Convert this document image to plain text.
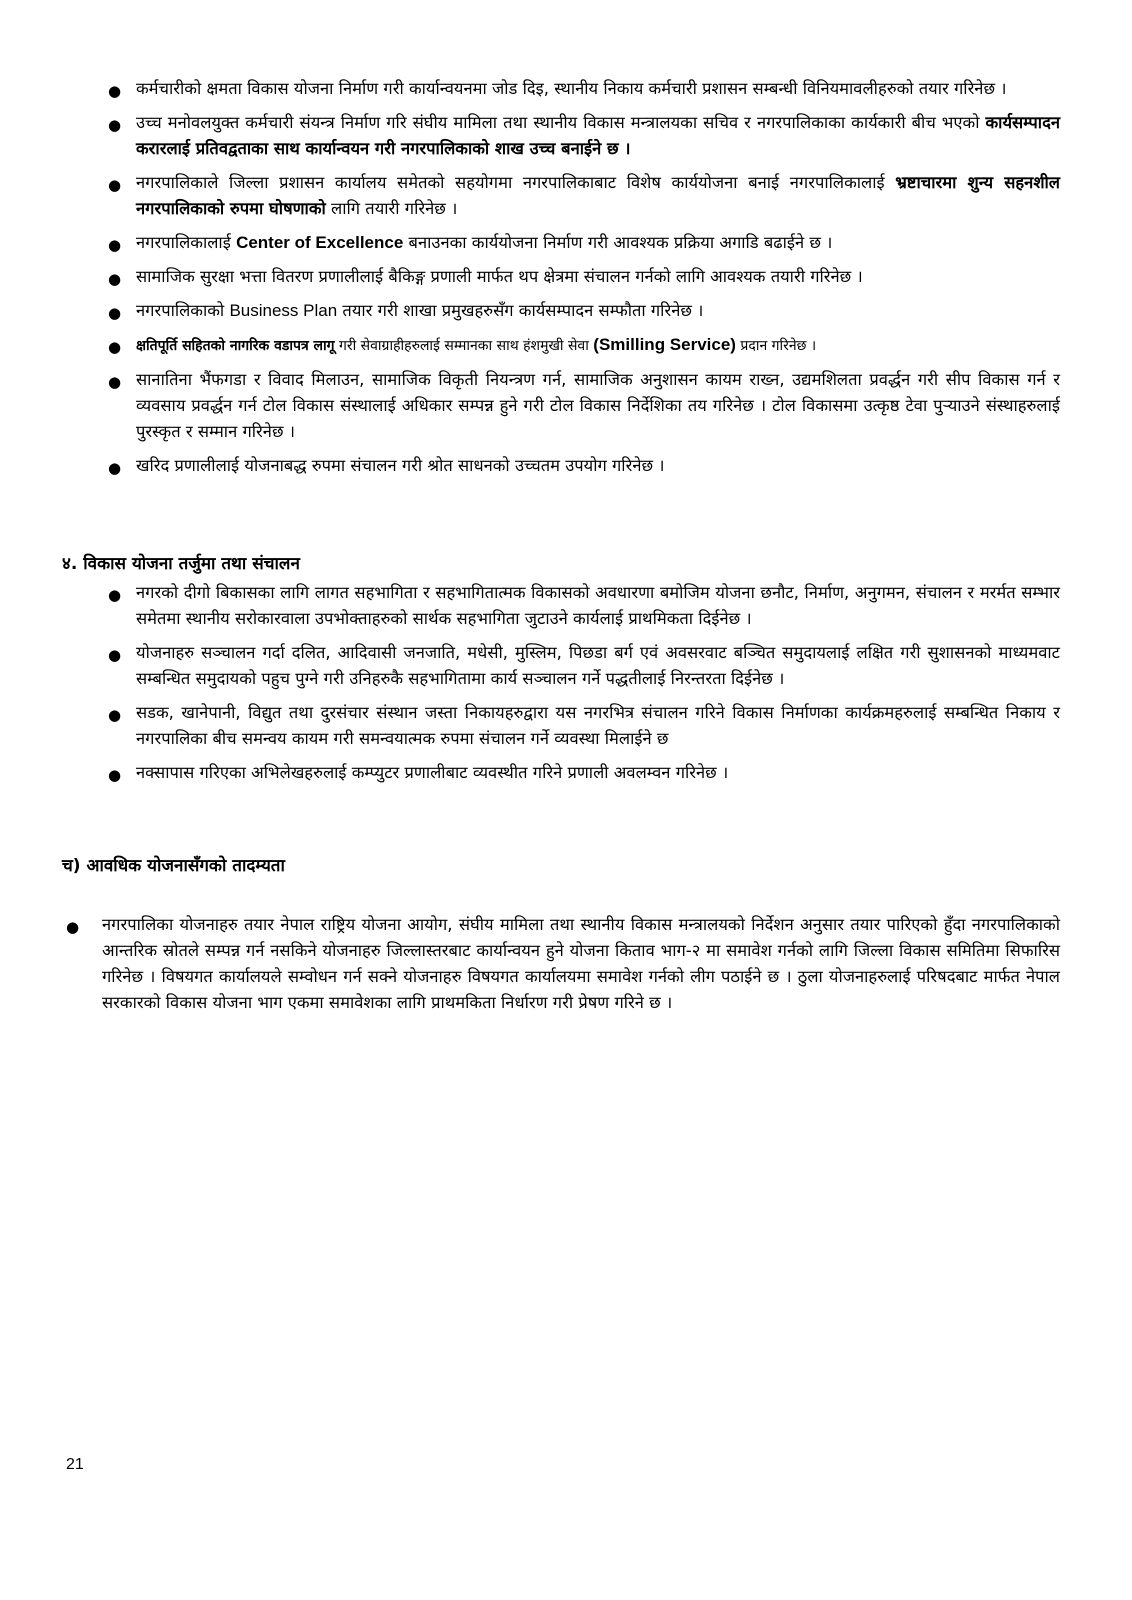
● कर्मचारीको क्षमता विकास योजना निर्माण गरी कार्यान्वयनमा जोड दिइ, स्थानीय निकाय कर्मचारी प्रशासन सम्बन्धी विनियमावलीहरुको तयार गरिनेछ ।
● उच्च मनोवलयुक्त कर्मचारी संयन्त्र निर्माण गरि संघीय मामिला तथा स्थानीय विकास मन्त्रालयका सचिव र नगरपालिकाका कार्यकारी बीच भएको कार्यसम्पादन करारलाई प्रतिवद्वताका साथ कार्यान्वयन गरी नगरपालिकाको शाख उच्च बनाईने छ ।
● नगरपालिकाले जिल्ला प्रशासन कार्यालय समेतको सहयोगमा नगरपालिकाबाट विशेष कार्ययोजना बनाई नगरपालिकालाई भ्रष्टाचारमा शुन्य सहनशील नगरपालिकाको रुपमा घोषणाको लागि तयारी गरिनेछ ।
● नगरपालिकालाई Center of Excellence बनाउनका कार्ययोजना निर्माण गरी आवश्यक प्रक्रिया अगाडि बढाईने छ ।
● सामाजिक सुरक्षा भत्ता वितरण प्रणालीलाई बैकिङ्ग प्रणाली मार्फत थप क्षेत्रमा संचालन गर्नको लागि आवश्यक तयारी गरिनेछ ।
● नगरपालिकाको Business Plan तयार गरी शाखा प्रमुखहरुसँग कार्यसम्पादन सम्फौता गरिनेछ ।
● क्षतिपूर्ति सहितको नागरिक वडापत्र लागू गरी सेवाग्राहीहरुलाई सम्मानका साथ हंशमुखी सेवा (Smilling Service) प्रदान गरिनेछ ।
● सानातिना भैंफगडा र विवाद मिलाउन, सामाजिक विकृती नियन्त्रण गर्न, सामाजिक अनुशासन कायम राख्न, उद्यमशिलता प्रवर्द्धन गरी सीप विकास गर्न र व्यवसाय प्रवर्द्धन गर्न टोल विकास संस्थालाई अधिकार सम्पन्न हुने गरी टोल विकास निर्देशिका तय गरिनेछ । टोल विकासमा उत्कृष्ठ टेवा पुऱ्याउने संस्थाहरुलाई पुरस्कृत र सम्मान गरिनेछ ।
● खरिद प्रणालीलाई योजनाबद्ध रुपमा संचालन गरी श्रोत साधनको उच्चतम उपयोग गरिनेछ ।
४. विकास योजना तर्जुमा तथा संचालन
● नगरको दीगो बिकासका लागि लागत सहभागिता र सहभागितात्मक विकासको अवधारणा बमोजिम योजना छनौट, निर्माण, अनुगमन, संचालन र मरर्मत सम्भार समेतमा स्थानीय सरोकारवाला उपभोक्ताहरुको सार्थक सहभागिता जुटाउने कार्यलाई प्राथमिकता दिईनेछ ।
● योजनाहरु सञ्चालन गर्दा दलित, आदिवासी जनजाति, मधेसी, मुस्लिम, पिछडा बर्ग एवं अवसरवाट बञ्चित समुदायलाई लक्षित गरी सुशासनको माध्यमवाट सम्बन्धित समुदायको पहुच पुग्ने गरी उनिहरुकै सहभागितामा कार्य सञ्चालन गर्ने पद्धतीलाई निरन्तरता दिईनेछ ।
● सडक, खानेपानी, विद्युत तथा दुरसंचार संस्थान जस्ता निकायहरुद्वारा यस नगरभित्र संचालन गरिने विकास निर्माणका कार्यक्रमहरुलाई सम्बन्धित निकाय र नगरपालिका बीच समन्वय कायम गरी समन्वयात्मक रुपमा संचालन गर्ने व्यवस्था मिलाईने छ
● नक्सापास गरिएका अभिलेखहरुलाई कम्प्युटर प्रणालीबाट व्यवस्थीत गरिने प्रणाली अवलम्वन गरिनेछ ।
च) आवधिक योजनासँगको तादम्यता
● नगरपालिका योजनाहरु तयार नेपाल राष्ट्रिय योजना आयोग, संघीय मामिला तथा स्थानीय विकास मन्त्रालयको निर्देशन अनुसार तयार पारिएको हुँदा नगरपालिकाको आन्तरिक स्रोतले सम्पन्न गर्न नसकिने योजनाहरु जिल्लास्तरबाट कार्यान्वयन हुने योजना किताव भाग-२ मा समावेश गर्नको लागि जिल्ला विकास समितिमा सिफारिस गरिनेछ । विषयगत कार्यालयले सम्वोधन गर्न सक्ने योजनाहरु विषयगत कार्यालयमा समावेश गर्नको लीग पठाईने छ । ठुला योजनाहरुलाई परिषदबाट मार्फत नेपाल सरकारको विकास योजना भाग एकमा समावेशका लागि प्राथमकिता निर्धारण गरी प्रेषण गरिने छ ।
21
